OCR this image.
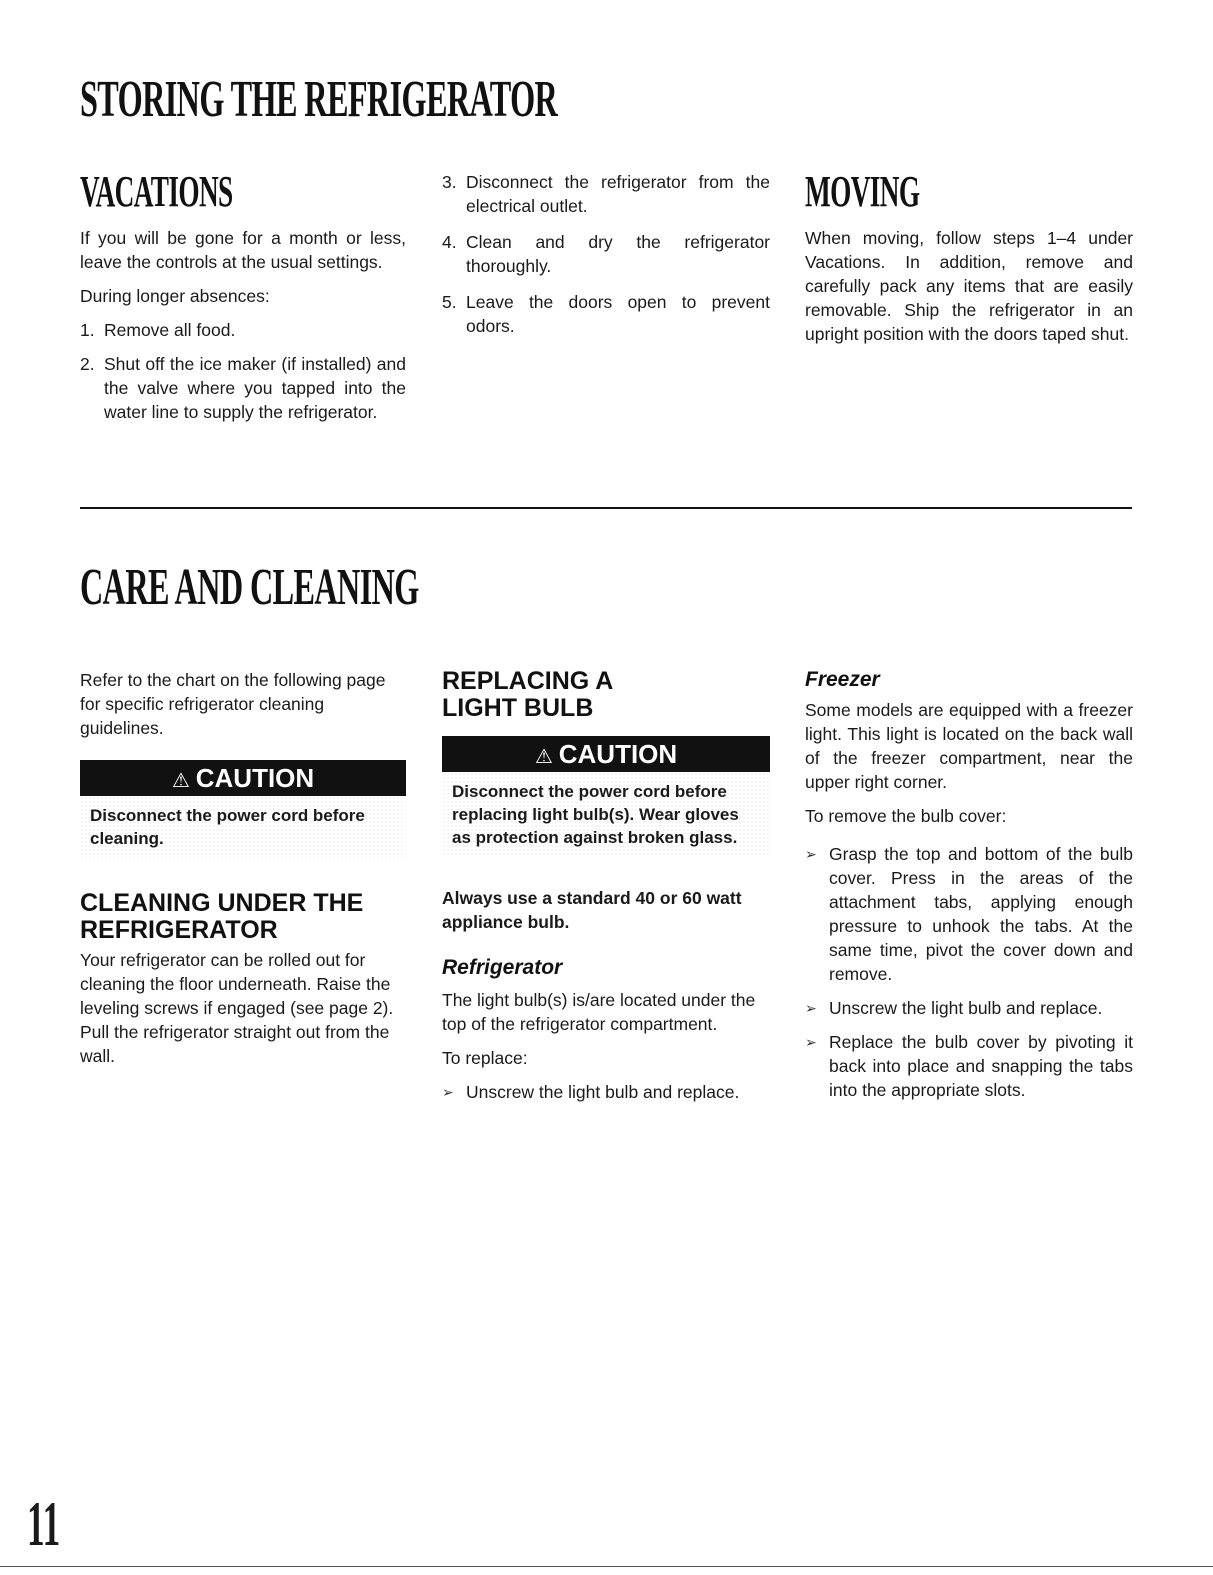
STORING THE REFRIGERATOR
VACATIONS

If you will be gone for a month or less, leave the controls at the usual settings.

During longer absences:

1. Remove all food.
2. Shut off the ice maker (if installed) and the valve where you tapped into the water line to supply the refrigerator.
3. Disconnect the refrigerator from the electrical outlet.
4. Clean and dry the refrigerator thoroughly.
5. Leave the doors open to prevent odors.
MOVING

When moving, follow steps 1–4 under Vacations. In addition, remove and carefully pack any items that are easily removable. Ship the refrigerator in an upright position with the doors taped shut.

CARE AND CLEANING

Refer to the chart on the following page for specific refrigerator cleaning guidelines.

⚠ CAUTION
Disconnect the power cord before cleaning.
CLEANING UNDER THE REFRIGERATOR

Your refrigerator can be rolled out for cleaning the floor underneath. Raise the leveling screws if engaged (see page 2). Pull the refrigerator straight out from the wall.

REPLACING A LIGHT BULB
⚠ CAUTION
Disconnect the power cord before replacing light bulb(s). Wear gloves as protection against broken glass.

Always use a standard 40 or 60 watt appliance bulb.

Refrigerator

The light bulb(s) is/are located under the top of the refrigerator compartment.

To replace:

➢ Unscrew the light bulb and replace.
Freezer

Some models are equipped with a freezer light. This light is located on the back wall of the freezer compartment, near the upper right corner.

To remove the bulb cover:

➢ Grasp the top and bottom of the bulb cover. Press in the areas of the attachment tabs, applying enough pressure to unhook the tabs. At the same time, pivot the cover down and remove.
➢ Unscrew the light bulb and replace.
➢ Replace the bulb cover by pivoting it back into place and snapping the tabs into the appropriate slots.
11
